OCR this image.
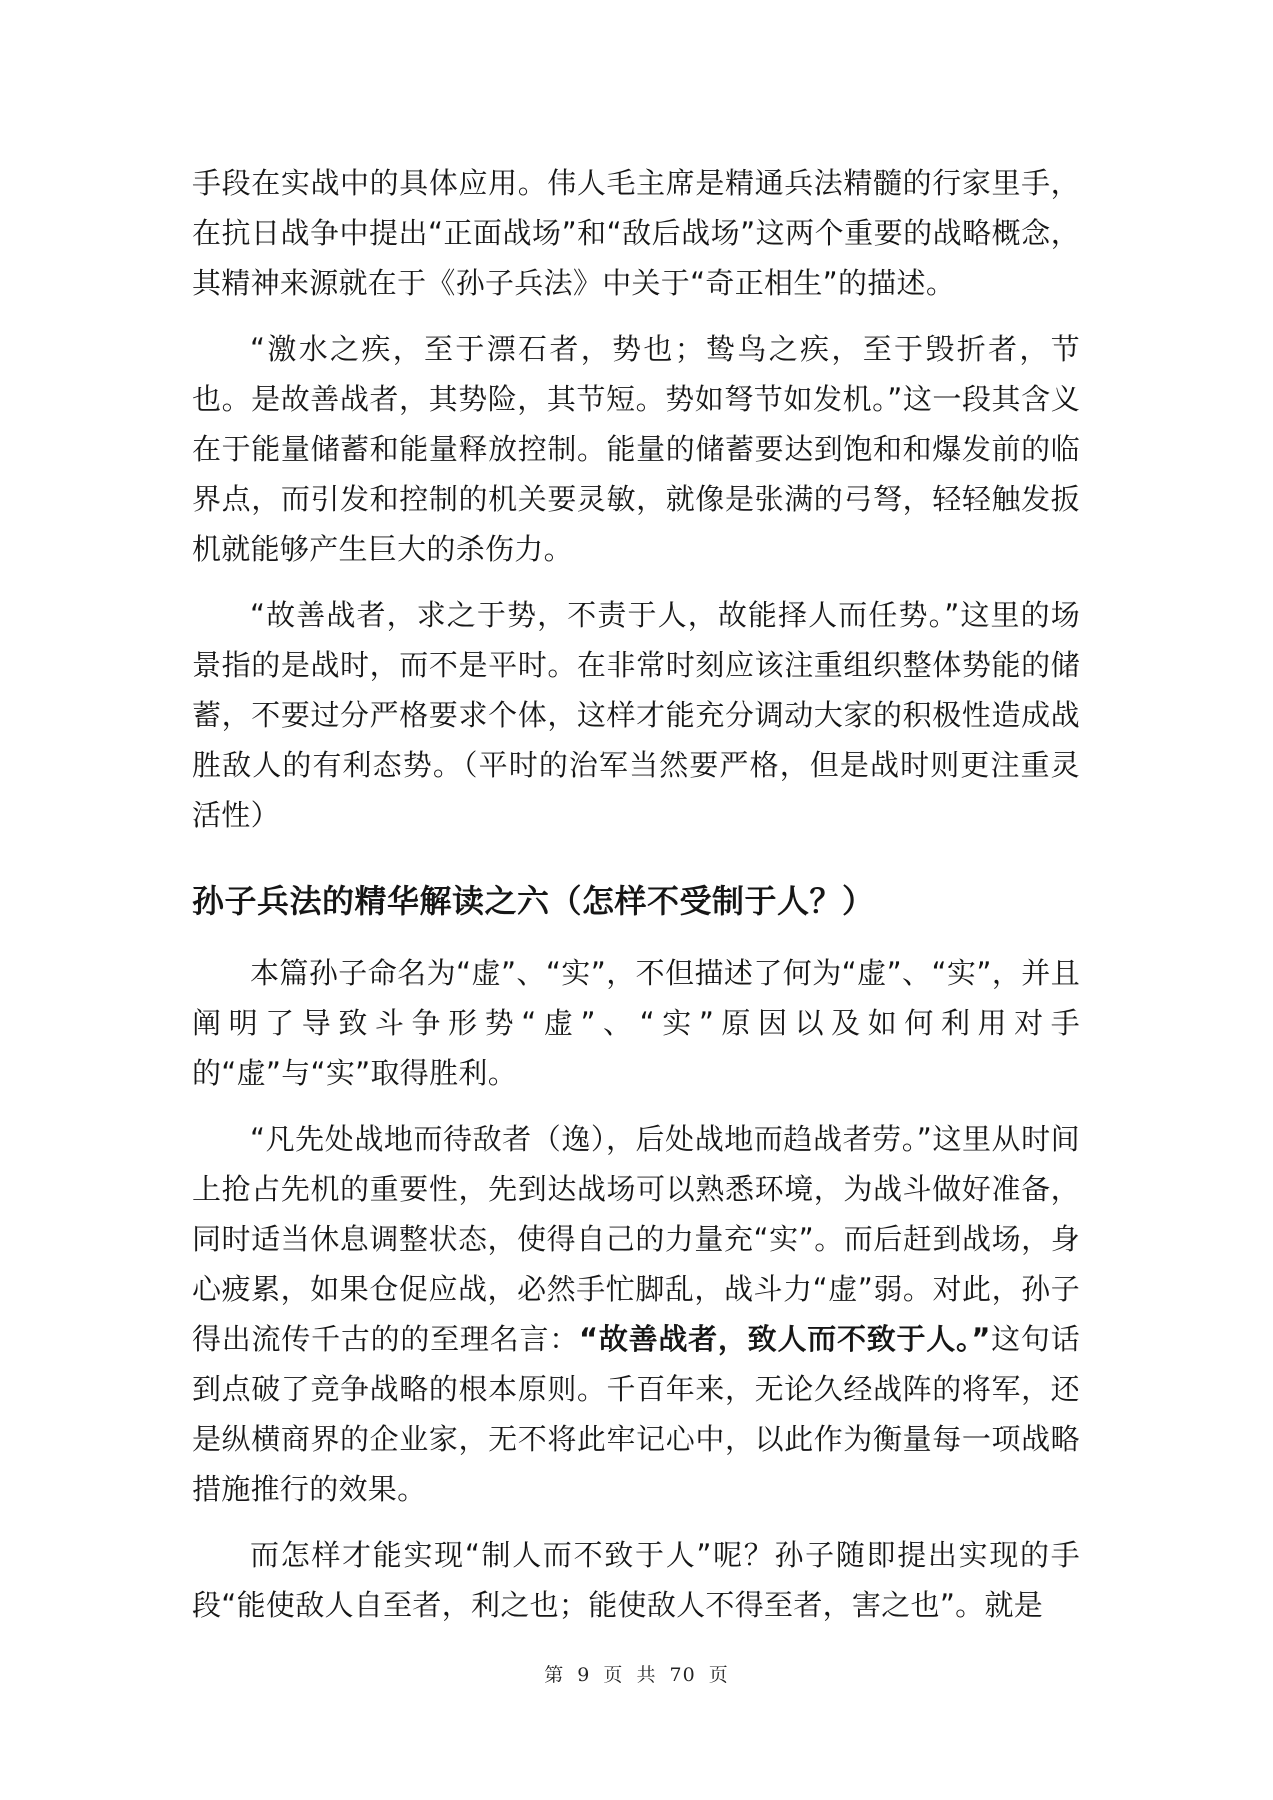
手段在实战中的具体应用。伟人毛主席是精通兵法精髓的行家里手，在抗日战争中提出“正面战场”和“敌后战场”这两个重要的战略概念，其精神来源就在于《孙子兵法》中关于“奇正相生”的描述。

“激水之疾，至于漂石者，势也；鸷鸟之疾，至于毁折者，节也。是故善战者，其势险，其节短。势如弩节如发机。”这一段其含义在于能量储蓄和能量释放控制。能量的储蓄要达到饱和和爆发前的临界点，而引发和控制的机关要灵敏，就像是张满的弓弩，轻轻触发扳机就能够产生巨大的杀伤力。

“故善战者，求之于势，不责于人，故能择人而任势。”这里的场景指的是战时，而不是平时。在非常时刻应该注重组织整体势能的储蓄，不要过分严格要求个体，这样才能充分调动大家的积极性造成战胜敌人的有利态势。（平时的治军当然要严格，但是战时则更注重灵活性）

孙子兵法的精华解读之六（怎样不受制于人？）

本篇孙子命名为“虚”、“实”，不但描述了何为“虚”、“实”，并且阐明了导致斗争形势“虚”、“实”原因以及如何利用对手的“虚”与“实”取得胜利。

“凡先处战地而待敌者（逸），后处战地而趋战者劳。”这里从时间上抢占先机的重要性，先到达战场可以熟悉环境，为战斗做好准备，同时适当休息调整状态，使得自己的力量充“实”。而后赶到战场，身心疲累，如果仓促应战，必然手忙脚乱，战斗力“虚”弱。对此，孙子得出流传千古的的至理名言：“故善战者，致人而不致于人。”这句话到点破了竞争战略的根本原则。千百年来，无论久经战阵的将军，还是纵横商界的企业家，无不将此牢记心中，以此作为衡量每一项战略措施推行的效果。

而怎样才能实现“制人而不致于人”呢？孙子随即提出实现的手段“能使敌人自至者，利之也；能使敌人不得至者，害之也”。就是

第 9 页 共 70 页
